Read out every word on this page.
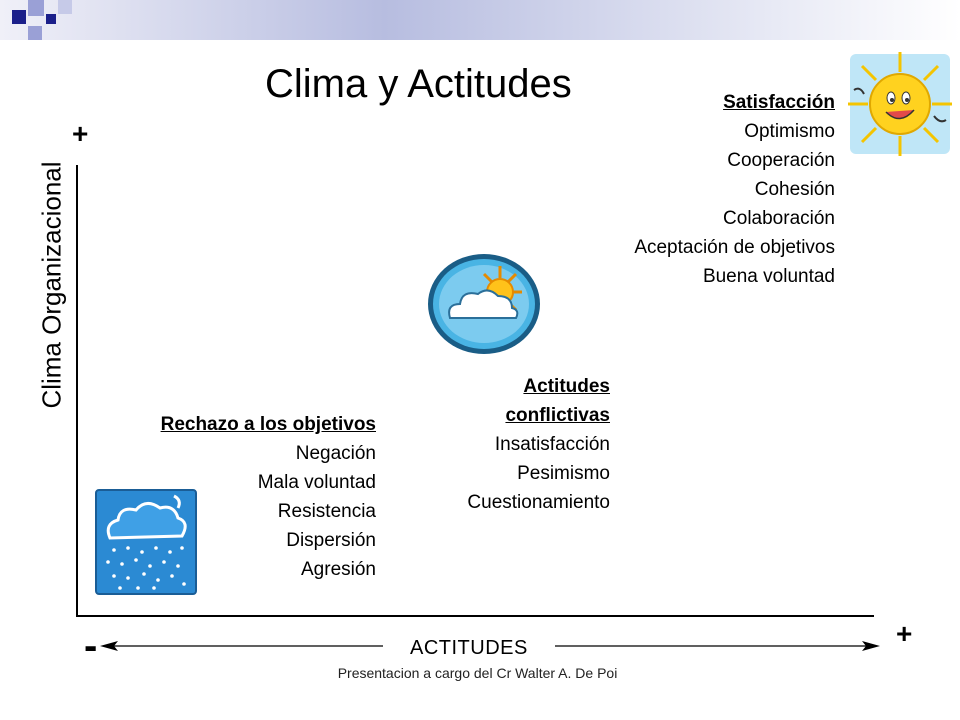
Clima y Actitudes
Clima Organizacional
+
+
-	ACTITUDES
Presentacion a cargo del Cr Walter A. De Poi
Satisfacción
Optimismo
Cooperación
Cohesión
Colaboración
Aceptación de objetivos
Buena voluntad
Actitudes
conflictivas
Insatisfacción
Pesimismo
Cuestionamiento
Rechazo a los objetivos
Negación
Mala voluntad
Resistencia
Dispersión
Agresión
